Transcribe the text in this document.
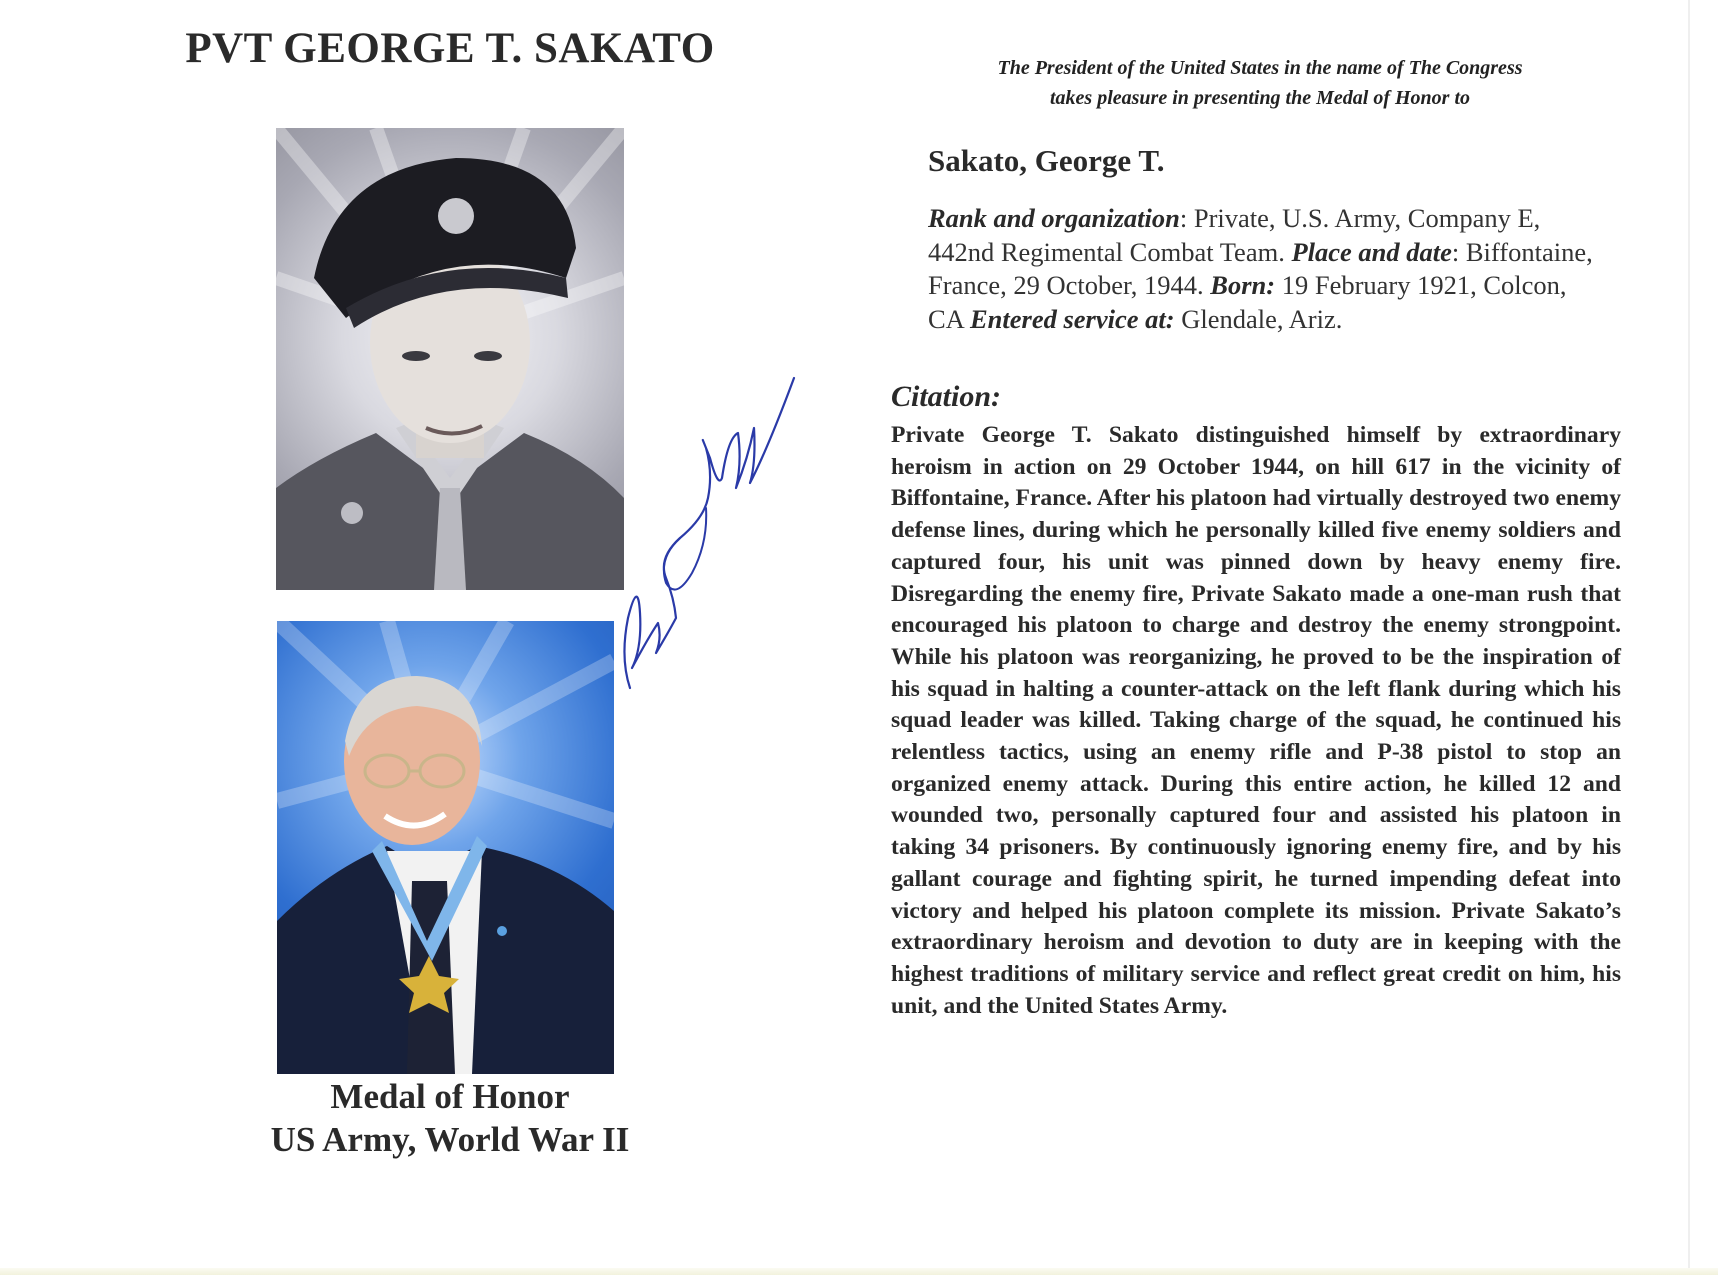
PVT GEORGE T. SAKATO
Medal of Honor
US Army, World War II
The President of the United States in the name of The Congress
takes pleasure in presenting the Medal of Honor to
Sakato, George T.
Rank and organization: Private, U.S. Army, Company E, 442nd Regimental Combat Team. Place and date: Biffontaine, France, 29 October, 1944. Born: 19 February 1921, Colcon, CA Entered service at: Glendale, Ariz.
Citation:
Private George T. Sakato distinguished himself by extraordinary heroism in action on 29 October 1944, on hill 617 in the vicinity of Biffontaine, France. After his platoon had virtually destroyed two enemy defense lines, during which he personally killed five enemy soldiers and captured four, his unit was pinned down by heavy enemy fire. Disregarding the enemy fire, Private Sakato made a one-man rush that encouraged his platoon to charge and destroy the enemy strongpoint. While his platoon was reorganizing, he proved to be the inspiration of his squad in halting a counter-attack on the left flank during which his squad leader was killed. Taking charge of the squad, he continued his relentless tactics, using an enemy rifle and P-38 pistol to stop an organized enemy attack. During this entire action, he killed 12 and wounded two, personally captured four and assisted his platoon in taking 34 prisoners. By continuously ignoring enemy fire, and by his gallant courage and fighting spirit, he turned impending defeat into victory and helped his platoon complete its mission. Private Sakato’s extraordinary heroism and devotion to duty are in keeping with the highest traditions of military service and reflect great credit on him, his unit, and the United States Army.
